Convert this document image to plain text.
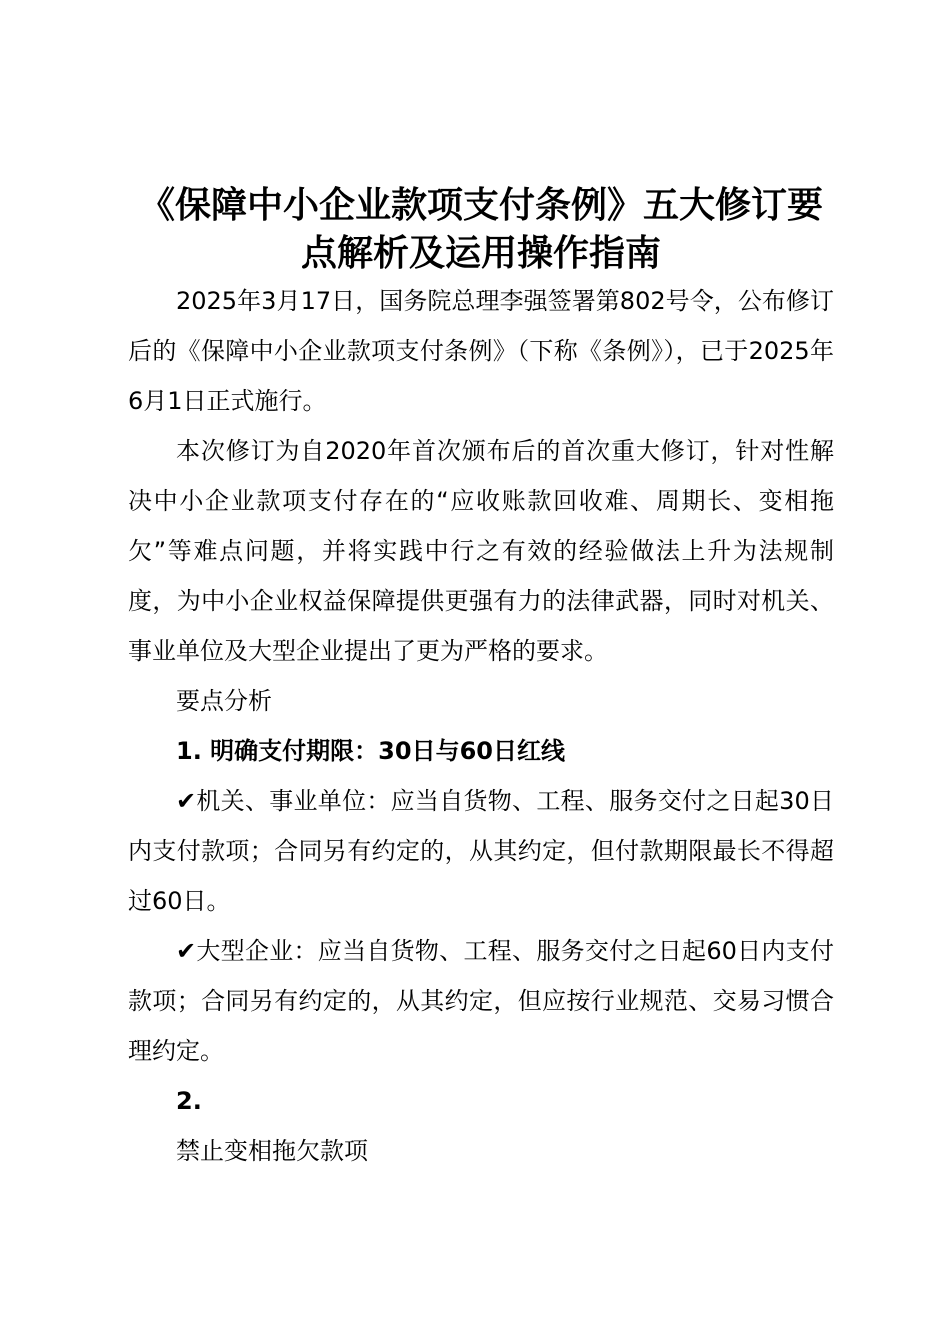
《保障中小企业款项支付条例》五大修订要点解析及运用操作指南

2025年3月17日，国务院总理李强签署第802号令，公布修订后的《保障中小企业款项支付条例》（下称《条例》），已于2025年6月1日正式施行。

本次修订为自2020年首次颁布后的首次重大修订，针对性解决中小企业款项支付存在的“应收账款回收难、周期长、变相拖欠”等难点问题，并将实践中行之有效的经验做法上升为法规制度，为中小企业权益保障提供更强有力的法律武器，同时对机关、事业单位及大型企业提出了更为严格的要求。

要点分析

1. 明确支付期限：30日与60日红线

✔机关、事业单位：应当自货物、工程、服务交付之日起30日内支付款项；合同另有约定的，从其约定，但付款期限最长不得超过60日。

✔大型企业：应当自货物、工程、服务交付之日起60日内支付款项；合同另有约定的，从其约定，但应按行业规范、交易习惯合理约定。

2.

禁止变相拖欠款项
